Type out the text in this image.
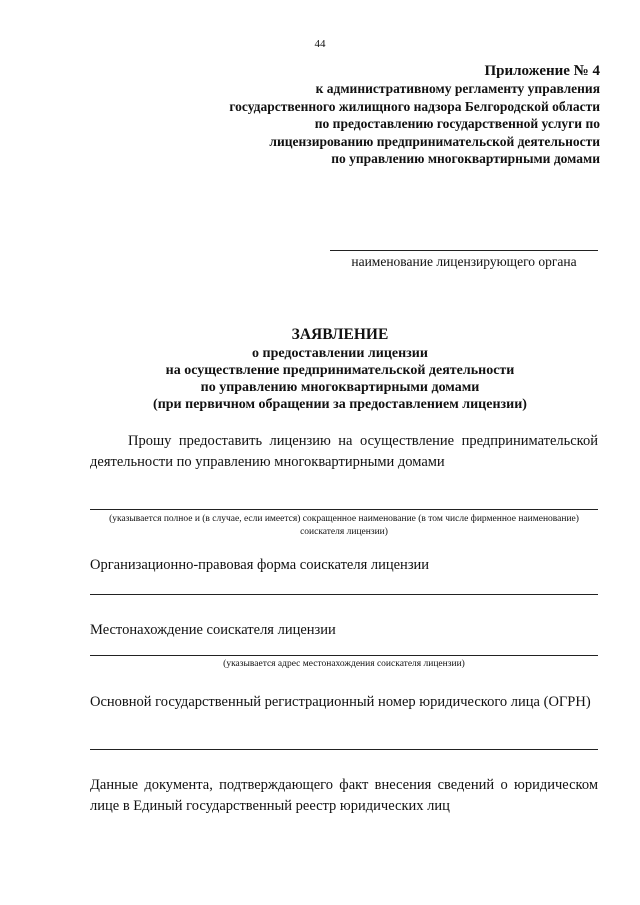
44
Приложение № 4
к административному регламенту управления
государственного жилищного надзора Белгородской области
по предоставлению государственной услуги по
лицензированию предпринимательской деятельности
по управлению многоквартирными домами
наименование лицензирующего органа
ЗАЯВЛЕНИЕ
о предоставлении лицензии
на осуществление предпринимательской деятельности
по управлению многоквартирными домами
(при первичном обращении за предоставлением лицензии)
Прошу предоставить лицензию на осуществление предпринимательской деятельности по управлению многоквартирными домами
(указывается полное и (в случае, если имеется) сокращенное наименование (в том числе фирменное наименование) соискателя лицензии)
Организационно-правовая форма соискателя лицензии
Местонахождение соискателя лицензии
(указывается адрес местонахождения соискателя лицензии)
Основной государственный регистрационный номер юридического лица (ОГРН)
Данные документа, подтверждающего факт внесения сведений о юридическом лице в Единый государственный реестр юридических лиц
